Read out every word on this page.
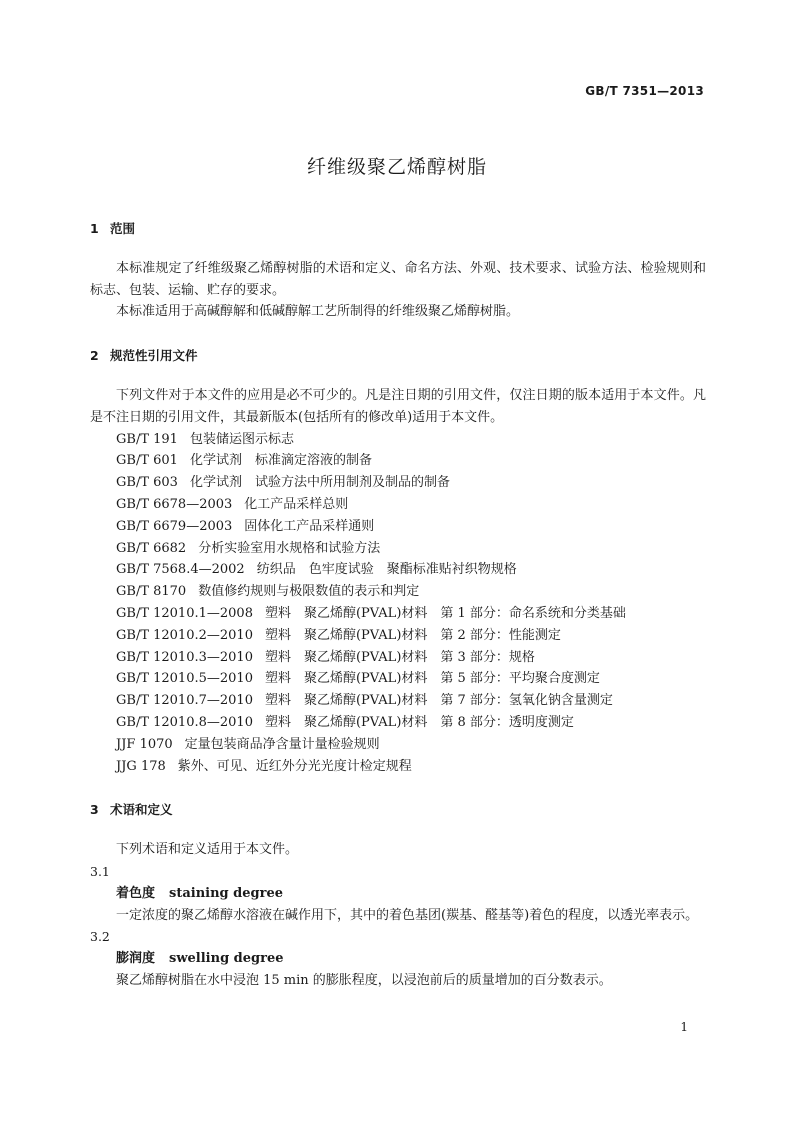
GB/T 7351—2013
纤维级聚乙烯醇树脂
1 范围

本标准规定了纤维级聚乙烯醇树脂的术语和定义、命名方法、外观、技术要求、试验方法、检验规则和标志、包装、运输、贮存的要求。

本标准适用于高碱醇解和低碱醇解工艺所制得的纤维级聚乙烯醇树脂。

2 规范性引用文件

下列文件对于本文件的应用是必不可少的。凡是注日期的引用文件，仅注日期的版本适用于本文件。凡是不注日期的引用文件，其最新版本(包括所有的修改单)适用于本文件。

GB/T 191 包装储运图示标志

GB/T 601 化学试剂　标准滴定溶液的制备

GB/T 603 化学试剂　试验方法中所用制剂及制品的制备

GB/T 6678—2003 化工产品采样总则

GB/T 6679—2003 固体化工产品采样通则

GB/T 6682 分析实验室用水规格和试验方法

GB/T 7568.4—2002 纺织品　色牢度试验　聚酯标准贴衬织物规格

GB/T 8170 数值修约规则与极限数值的表示和判定

GB/T 12010.1—2008 塑料　聚乙烯醇(PVAL)材料　第 1 部分：命名系统和分类基础

GB/T 12010.2—2010 塑料　聚乙烯醇(PVAL)材料　第 2 部分：性能测定

GB/T 12010.3—2010 塑料　聚乙烯醇(PVAL)材料　第 3 部分：规格

GB/T 12010.5—2010 塑料　聚乙烯醇(PVAL)材料　第 5 部分：平均聚合度测定

GB/T 12010.7—2010 塑料　聚乙烯醇(PVAL)材料　第 7 部分：氢氧化钠含量测定

GB/T 12010.8—2010 塑料　聚乙烯醇(PVAL)材料　第 8 部分：透明度测定

JJF 1070 定量包装商品净含量计量检验规则

JJG 178 紫外、可见、近红外分光光度计检定规程

3 术语和定义

下列术语和定义适用于本文件。

3.1

着色度 staining degree

一定浓度的聚乙烯醇水溶液在碱作用下，其中的着色基团(羰基、醛基等)着色的程度，以透光率表示。

3.2

膨润度 swelling degree

聚乙烯醇树脂在水中浸泡 15 min 的膨胀程度，以浸泡前后的质量增加的百分数表示。

1
